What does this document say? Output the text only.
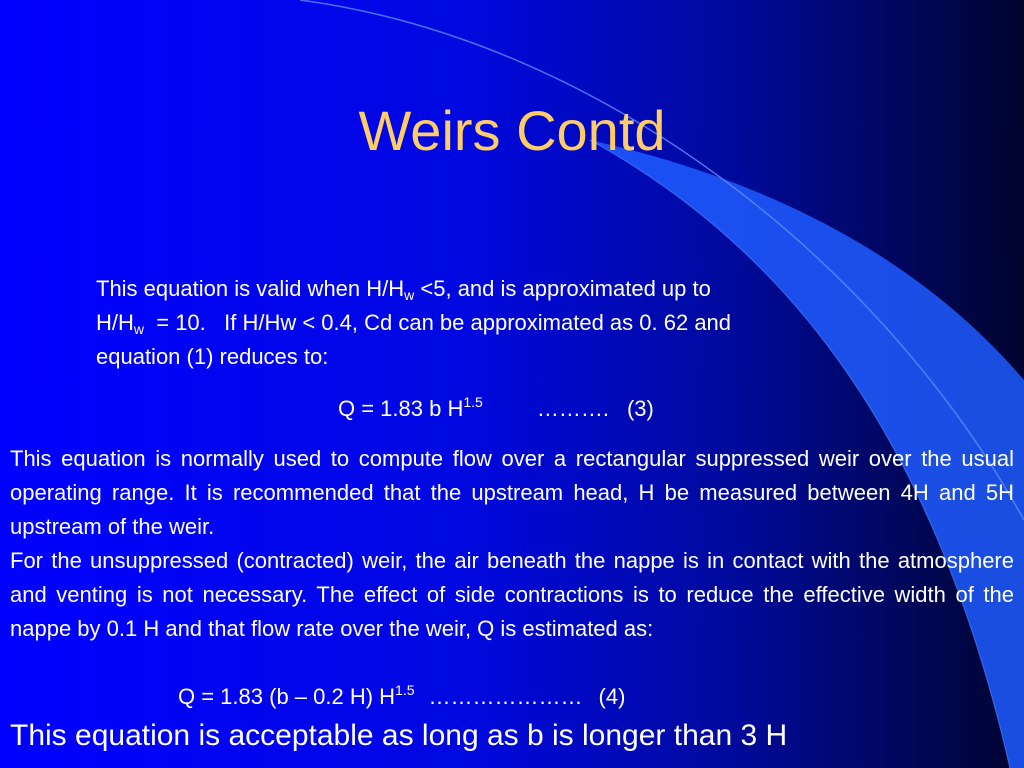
Weirs Contd
This equation is valid when $H/H_w <5$, and is approximated up to
$H/H_w = 10$.   If H/Hw < 0.4, Cd can be approximated as 0. 62 and
equation (1) reduces to:
Q = 1.83 b $H^{1.5}$ ………. (3)
This equation is normally used to compute flow over a rectangular suppressed weir over the usual operating range. It is recommended that the upstream head, H be measured between 4H and 5H upstream of the weir.
For the unsuppressed (contracted) weir, the air beneath the nappe is in contact with the atmosphere and venting is not necessary. The effect of side contractions is to reduce the effective width of the nappe by 0.1 H and that flow rate over the weir, Q is estimated as:
Q = 1.83 (b – 0.2 H) $H^{1.5}$ ………………… (4)
This equation is acceptable as long as b is longer than 3 H
